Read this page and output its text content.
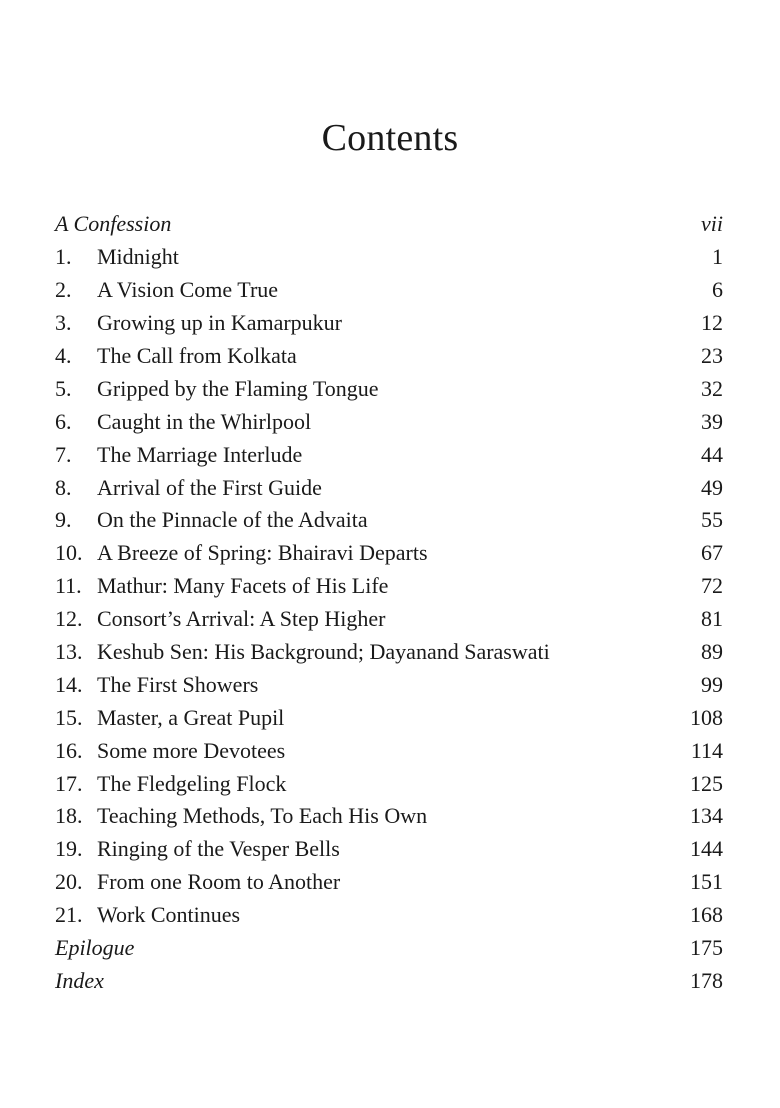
Contents
A Confession	vii
1.	Midnight	1
2.	A Vision Come True	6
3.	Growing up in Kamarpukur	12
4.	The Call from Kolkata	23
5.	Gripped by the Flaming Tongue	32
6.	Caught in the Whirlpool	39
7.	The Marriage Interlude	44
8.	Arrival of the First Guide	49
9.	On the Pinnacle of the Advaita	55
10. A Breeze of Spring: Bhairavi Departs	67
11. Mathur: Many Facets of His Life	72
12. Consort’s Arrival: A Step Higher	81
13. Keshub Sen: His Background; Dayanand Saraswati	89
14. The First Showers	99
15. Master, a Great Pupil	108
16. Some more Devotees	114
17. The Fledgeling Flock	125
18. Teaching Methods, To Each His Own	134
19. Ringing of the Vesper Bells	144
20. From one Room to Another	151
21. Work Continues	168
Epilogue	175
Index	178
